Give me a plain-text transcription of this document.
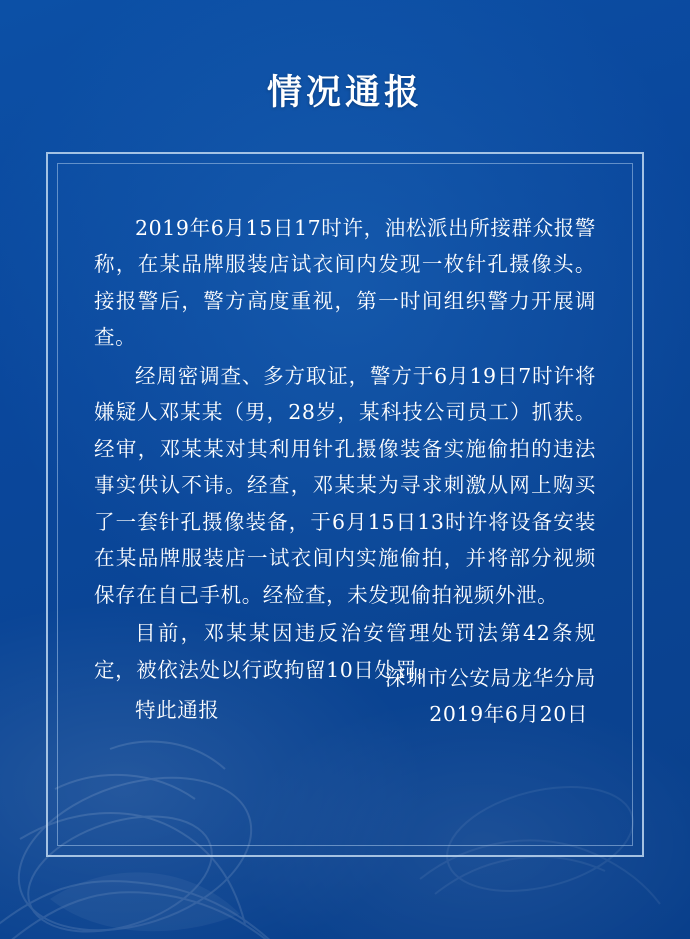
情况通报

2019年6月15日17时许，油松派出所接群众报警称，在某品牌服装店试衣间内发现一枚针孔摄像头。接报警后，警方高度重视，第一时间组织警力开展调查。

经周密调查、多方取证，警方于6月19日7时许将嫌疑人邓某某（男，28岁，某科技公司员工）抓获。经审，邓某某对其利用针孔摄像装备实施偷拍的违法事实供认不讳。经查，邓某某为寻求刺激从网上购买了一套针孔摄像装备，于6月15日13时许将设备安装在某品牌服装店一试衣间内实施偷拍，并将部分视频保存在自己手机。经检查，未发现偷拍视频外泄。

目前，邓某某因违反治安管理处罚法第42条规定，被依法处以行政拘留10日处罚。

特此通报

深圳市公安局龙华分局
2019年6月20日
